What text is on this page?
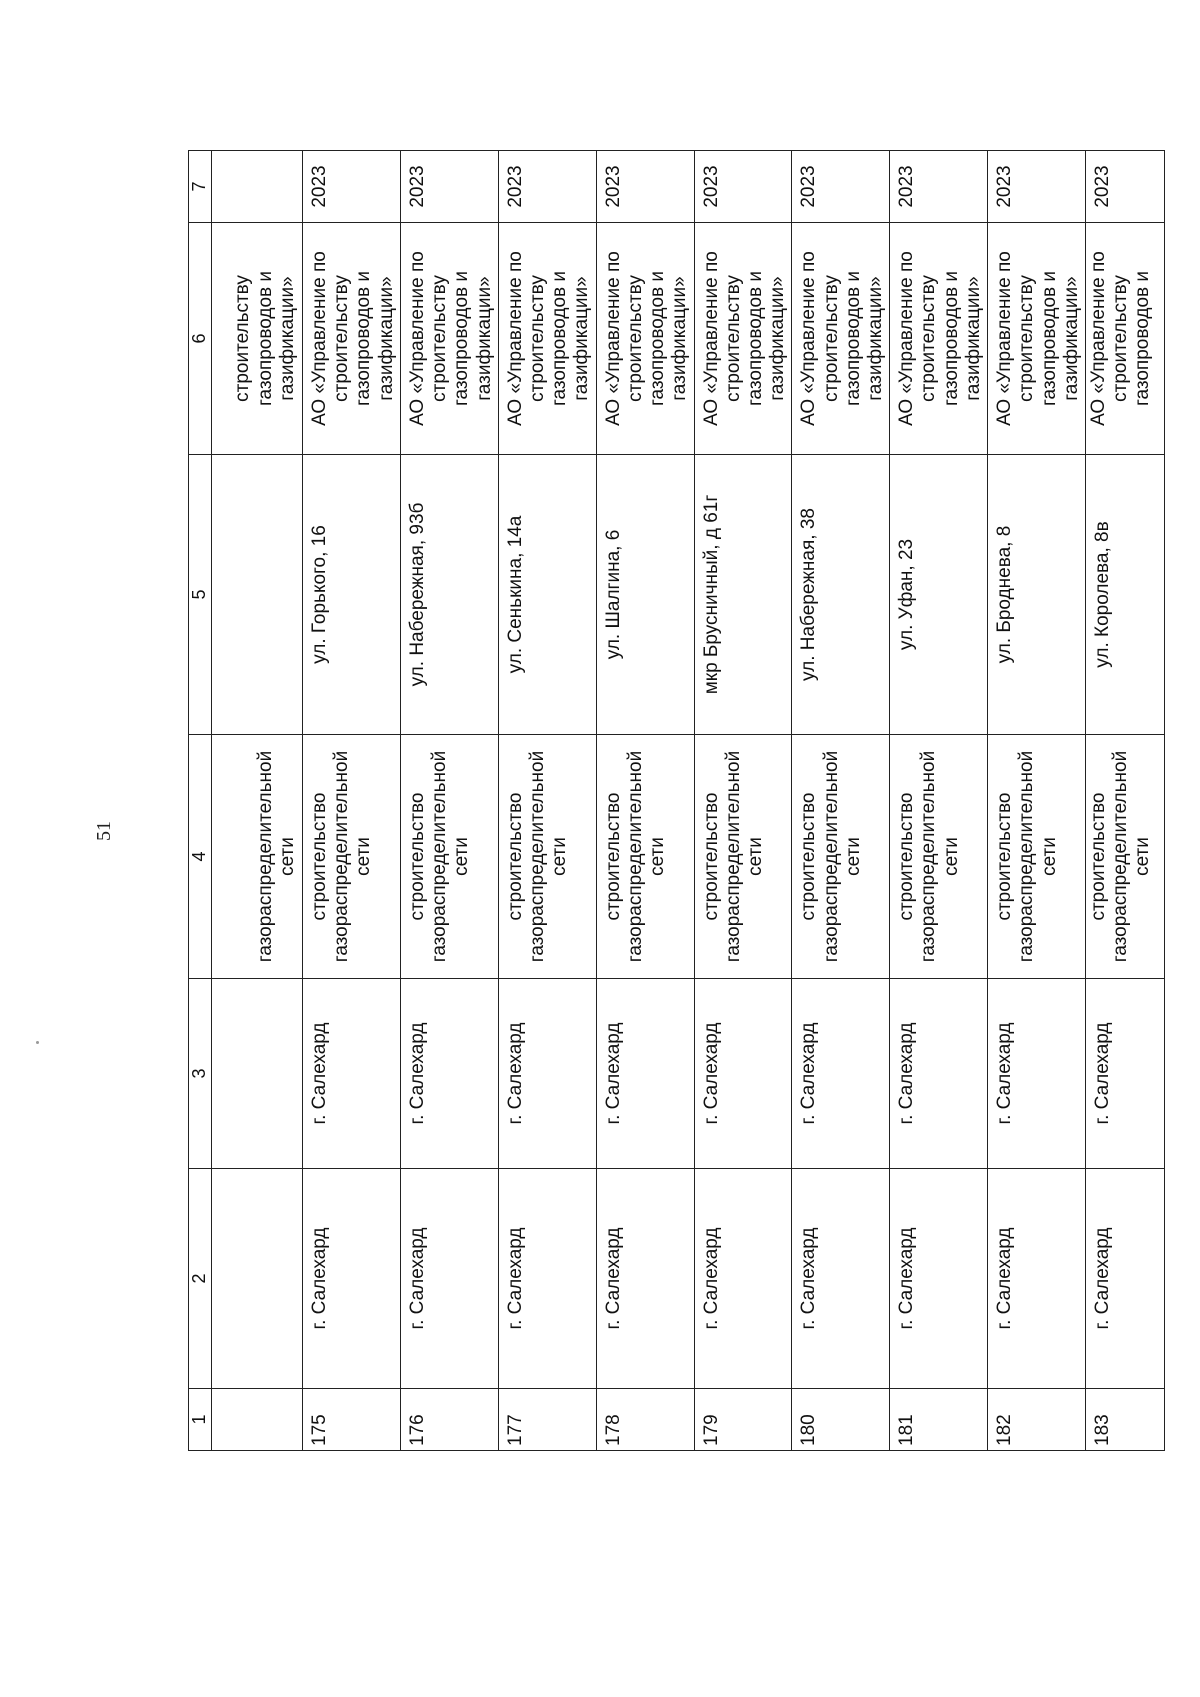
51
1	2	3	4	5	6	7	
			газораспределительной сети		строительству газопроводов и газификации»		
175	г. Салехард	г. Салехард	строительство газораспределительной сети	ул. Горького, 16	АО «Управление по строительству газопроводов и газификации»	2023	
176	г. Салехард	г. Салехард	строительство газораспределительной сети	ул. Набережная, 93б	АО «Управление по строительству газопроводов и газификации»	2023	
177	г. Салехард	г. Салехард	строительство газораспределительной сети	ул. Сенькина, 14а	АО «Управление по строительству газопроводов и газификации»	2023	
178	г. Салехард	г. Салехард	строительство газораспределительной сети	ул. Шалгина, 6	АО «Управление по строительству газопроводов и газификации»	2023	
179	г. Салехард	г. Салехард	строительство газораспределительной сети	мкр Брусничный, д 61г	АО «Управление по строительству газопроводов и газификации»	2023	
180	г. Салехард	г. Салехард	строительство газораспределительной сети	ул. Набережная, 38	АО «Управление по строительству газопроводов и газификации»	2023	
181	г. Салехард	г. Салехард	строительство газораспределительной сети	ул. Уфан, 23	АО «Управление по строительству газопроводов и газификации»	2023	
182	г. Салехард	г. Салехард	строительство газораспределительной сети	ул. Броднева, 8	АО «Управление по строительству газопроводов и газификации»	2023	
183	г. Салехард	г. Салехард	строительство газораспределительной сети	ул. Королева, 8в	АО «Управление по строительству газопроводов и	2023	
